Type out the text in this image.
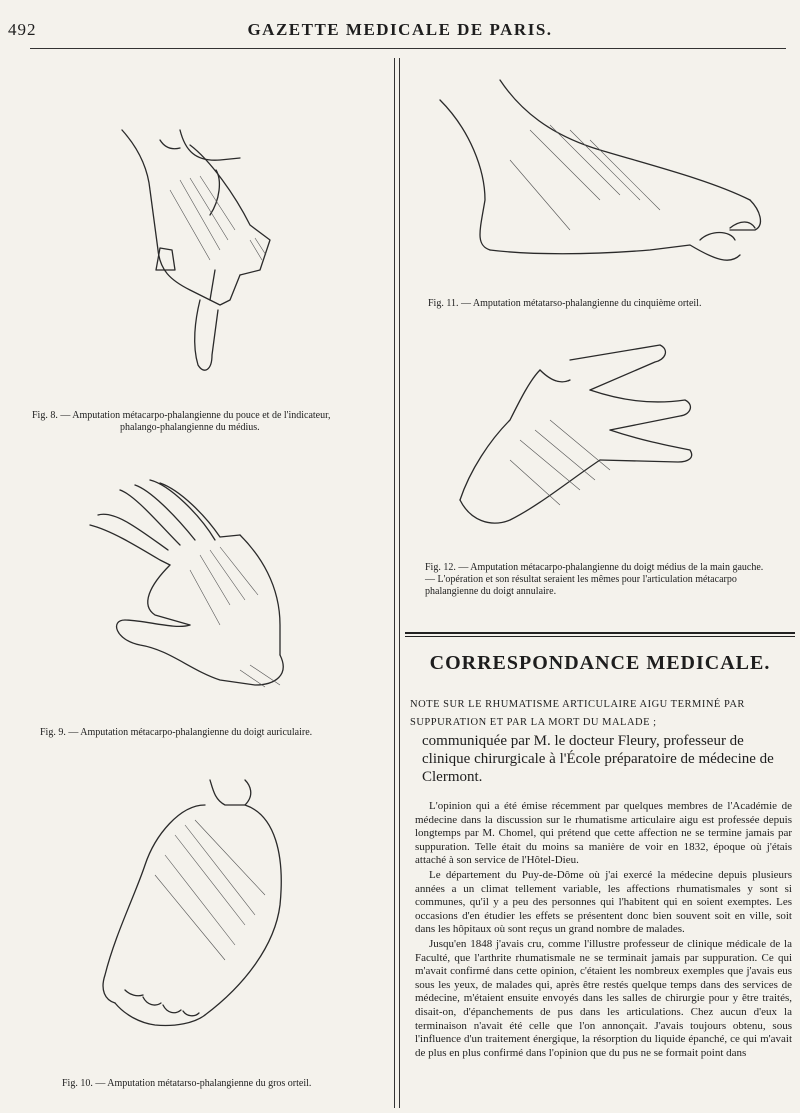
492	GAZETTE MEDICALE DE PARIS.
Fig. 8. — Amputation métacarpo-phalangienne du pouce et de l'indicateur,
phalango-phalangienne du médius.
Fig. 9. — Amputation métacarpo-phalangienne du doigt auriculaire.
Fig. 10. — Amputation métatarso-phalangienne du gros orteil.
Fig. 11. — Amputation métatarso-phalangienne du cinquième orteil.
Fig. 12. — Amputation métacarpo-phalangienne du doigt médius de la main gauche. — L'opération et son résultat seraient les mêmes pour l'articulation métacarpo phalangienne du doigt annulaire.
CORRESPONDANCE MEDICALE.
NOTE SUR LE RHUMATISME ARTICULAIRE AIGU TERMINÉ PAR SUPPURATION ET PAR LA MORT DU MALADE ;
communiquée par M. le docteur Fleury, professeur de clinique chirurgicale à l'École préparatoire de médecine de Clermont.

L'opinion qui a été émise récemment par quelques membres de l'Académie de médecine dans la discussion sur le rhumatisme articulaire aigu est professée depuis longtemps par M. Chomel, qui prétend que cette affection ne se termine jamais par suppuration. Telle était du moins sa manière de voir en 1832, époque où j'étais attaché à son service de l'Hôtel-Dieu.

Le département du Puy-de-Dôme où j'ai exercé la médecine depuis plusieurs années a un climat tellement variable, les affections rhumatismales y sont si communes, qu'il y a peu des personnes qui l'habitent qui en soient exemptes. Les occasions d'en étudier les effets se présentent donc bien souvent soit en ville, soit dans les hôpitaux où sont reçus un grand nombre de malades.

Jusqu'en 1848 j'avais cru, comme l'illustre professeur de clinique médicale de la Faculté, que l'arthrite rhumatismale ne se terminait jamais par suppuration. Ce qui m'avait confirmé dans cette opinion, c'étaient les nombreux exemples que j'avais eus sous les yeux, de malades qui, après être restés quelque temps dans des services de médecine, m'étaient ensuite envoyés dans les salles de chirurgie pour y être traités, disait-on, d'épanchements de pus dans les articulations. Chez aucun d'eux la terminaison n'avait été celle que l'on annonçait. J'avais toujours obtenu, sous l'influence d'un traitement énergique, la résorption du liquide épanché, ce qui m'avait de plus en plus confirmé dans l'opinion que du pus ne se formait point dans
